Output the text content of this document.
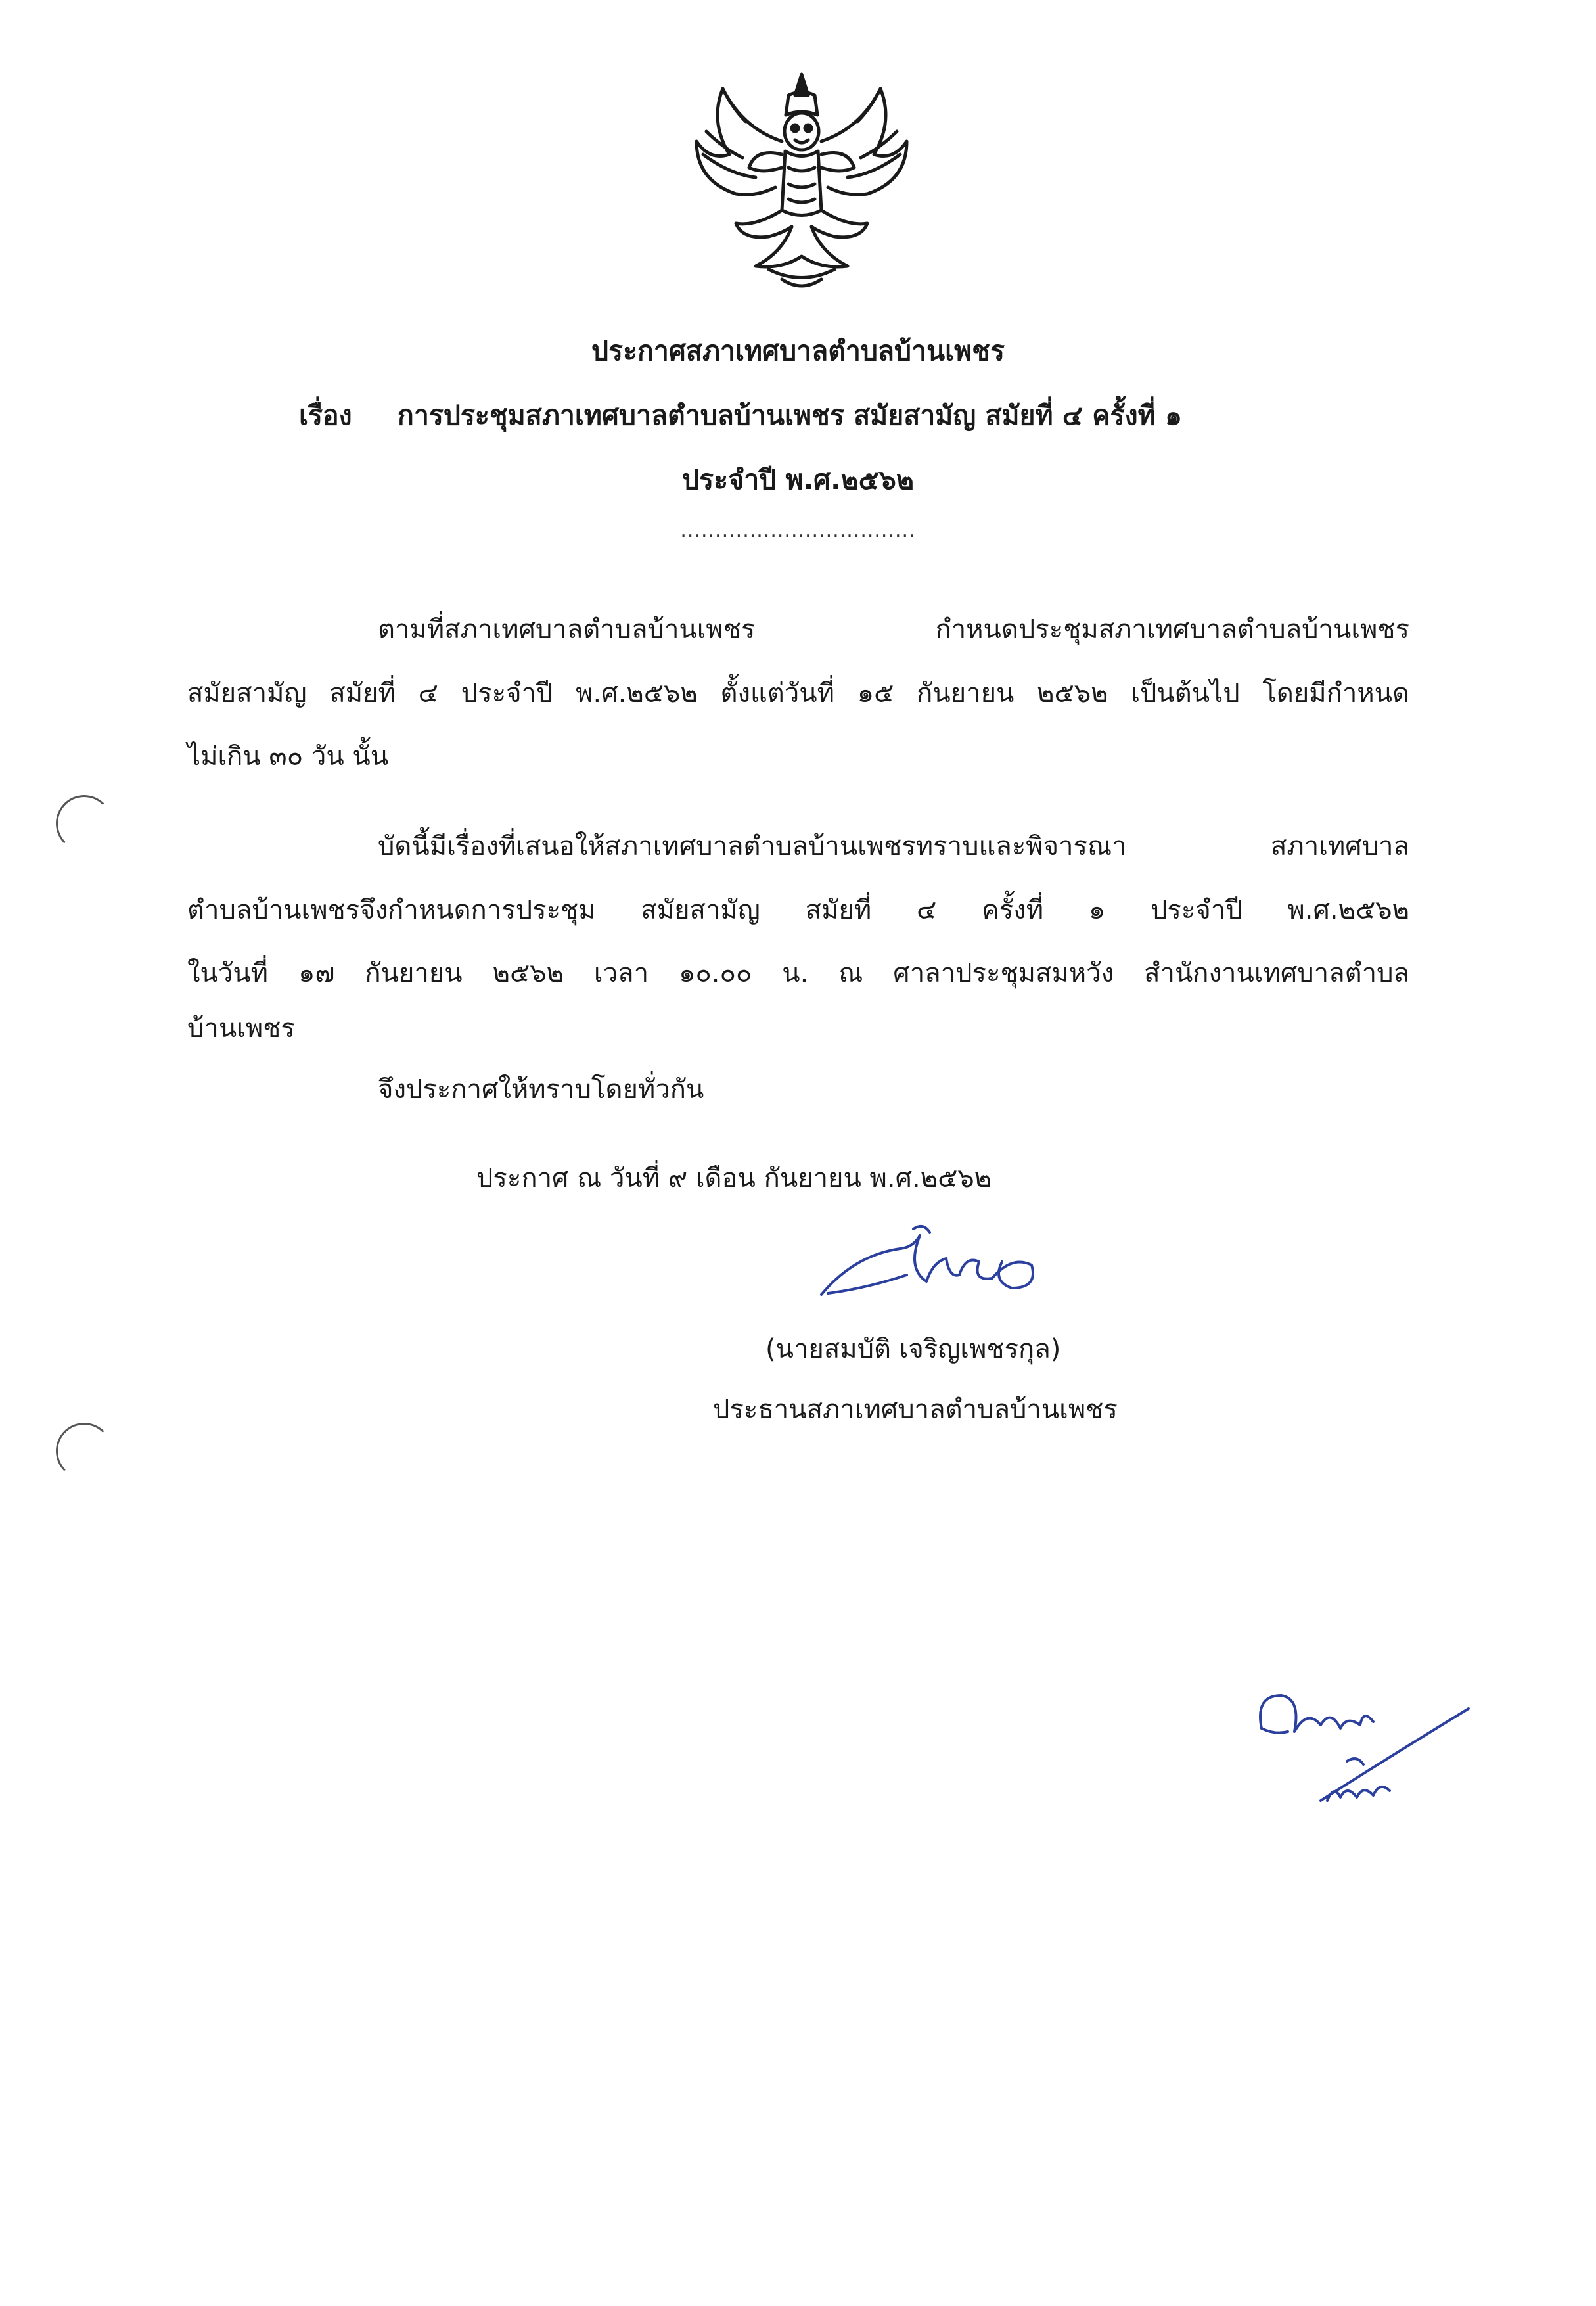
ประกาศสภาเทศบาลตำบลบ้านเพชร
เรื่อง การประชุมสภาเทศบาลตำบลบ้านเพชร สมัยสามัญ สมัยที่ ๔ ครั้งที่ ๑
ประจำปี พ.ศ.๒๕๖๒
..................................
ตามที่สภาเทศบาลตำบลบ้านเพชร กำหนดประชุมสภาเทศบาลตำบลบ้านเพชร
สมัยสามัญ สมัยที่ ๔ ประจำปี พ.ศ.๒๕๖๒ ตั้งแต่วันที่ ๑๕ กันยายน ๒๕๖๒ เป็นต้นไป โดยมีกำหนด
ไม่เกิน ๓๐ วัน นั้น
บัดนี้มีเรื่องที่เสนอให้สภาเทศบาลตำบลบ้านเพชรทราบและพิจารณา สภาเทศบาล
ตำบลบ้านเพชรจึงกำหนดการประชุม สมัยสามัญ สมัยที่ ๔ ครั้งที่ ๑ ประจำปี พ.ศ.๒๕๖๒
ในวันที่ ๑๗ กันยายน ๒๕๖๒ เวลา ๑๐.๐๐ น. ณ ศาลาประชุมสมหวัง สำนักงานเทศบาลตำบล
บ้านเพชร
จึงประกาศให้ทราบโดยทั่วกัน
ประกาศ ณ วันที่ ๙ เดือน กันยายน พ.ศ.๒๕๖๒
(นายสมบัติ เจริญเพชรกุล)
ประธานสภาเทศบาลตำบลบ้านเพชร
